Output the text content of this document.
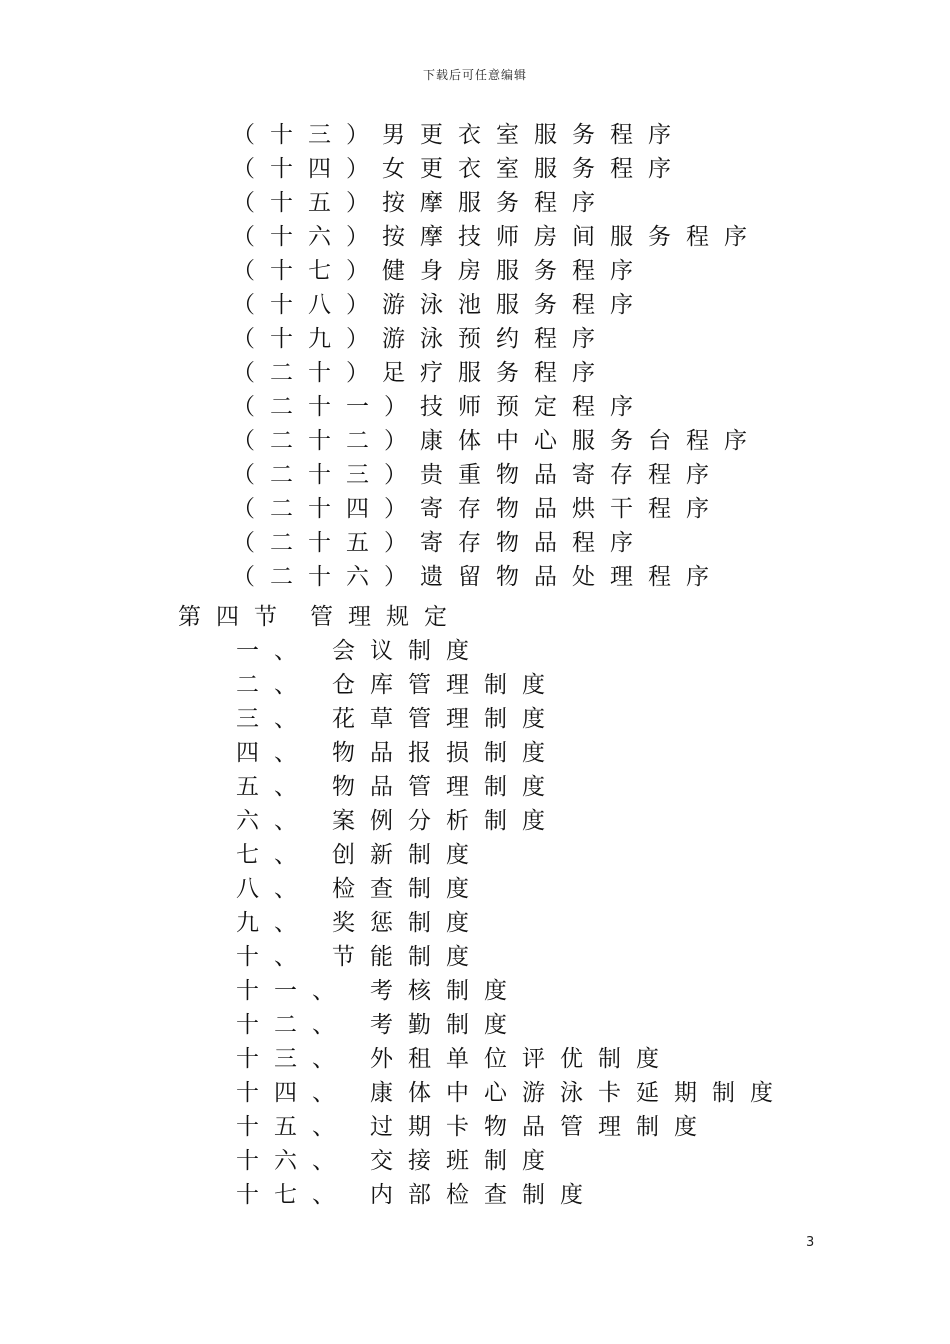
下载后可任意编辑
（十三）男更衣室服务程序
（十四）女更衣室服务程序
（十五）按摩服务程序
（十六）按摩技师房间服务程序
（十七）健身房服务程序
（十八）游泳池服务程序
（十九）游泳预约程序
（二十）足疗服务程序
（二十一）技师预定程序
（二十二）康体中心服务台程序
（二十三）贵重物品寄存程序
（二十四）寄存物品烘干程序
（二十五）寄存物品程序
（二十六）遗留物品处理程序
第四节 管理规定
一、 会议制度
二、 仓库管理制度
三、 花草管理制度
四、 物品报损制度
五、 物品管理制度
六、 案例分析制度
七、 创新制度
八、 检查制度
九、 奖惩制度
十、 节能制度
十一、 考核制度
十二、 考勤制度
十三、 外租单位评优制度
十四、 康体中心游泳卡延期制度
十五、 过期卡物品管理制度
十六、 交接班制度
十七、 内部检查制度
3
